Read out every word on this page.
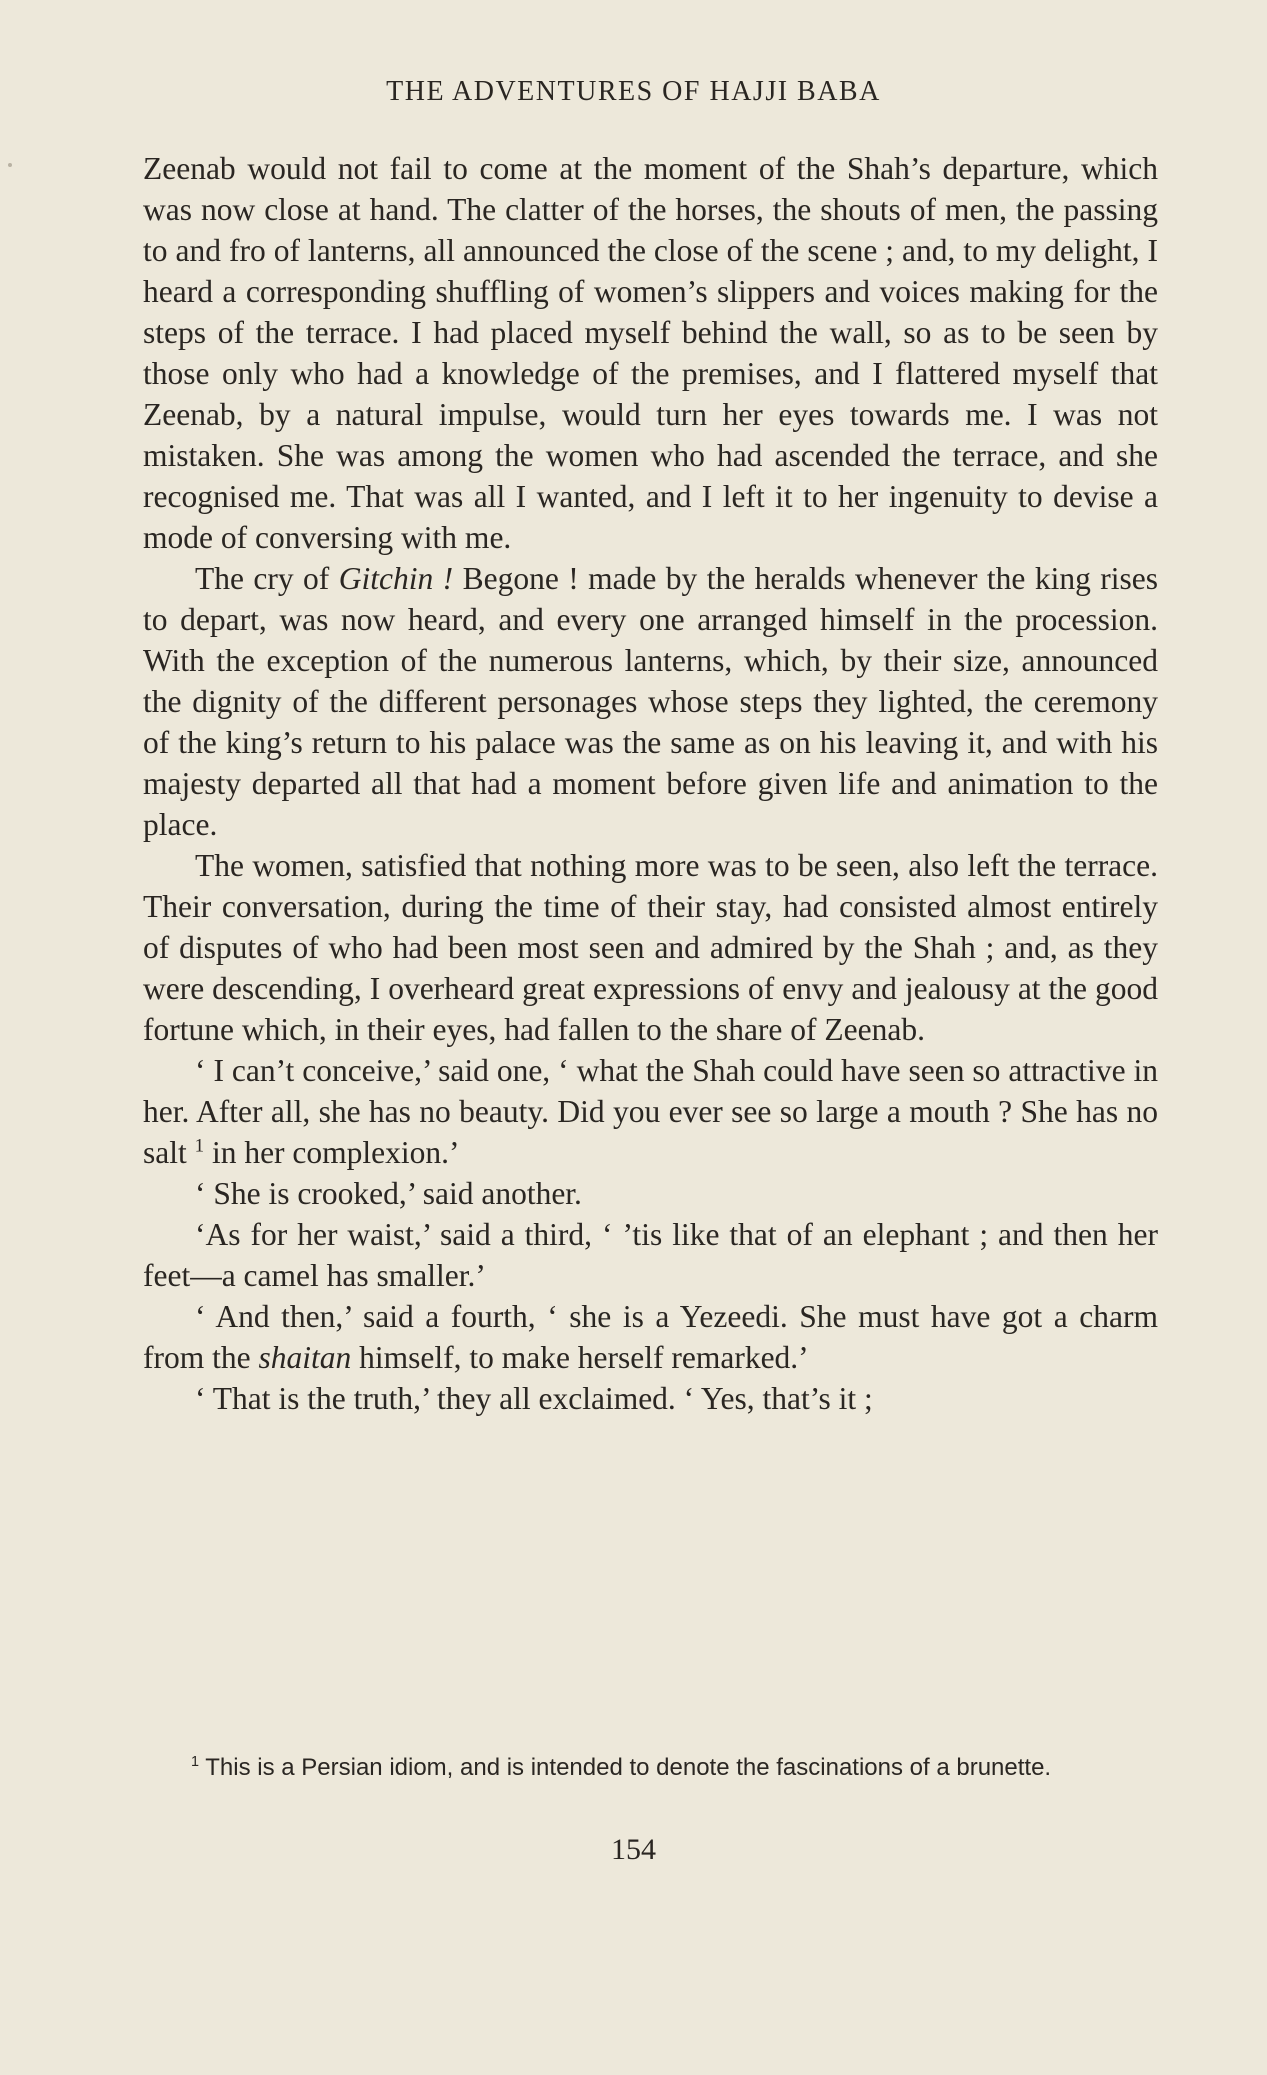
THE ADVENTURES OF HAJJI BABA

Zeenab would not fail to come at the moment of the Shah’s departure, which was now close at hand. The clatter of the horses, the shouts of men, the passing to and fro of lanterns, all announced the close of the scene ; and, to my delight, I heard a corresponding shuffling of women’s slippers and voices making for the steps of the terrace. I had placed myself behind the wall, so as to be seen by those only who had a knowledge of the premises, and I flattered myself that Zeenab, by a natural impulse, would turn her eyes towards me. I was not mistaken. She was among the women who had ascended the terrace, and she recognised me. That was all I wanted, and I left it to her ingenuity to devise a mode of conversing with me.

The cry of Gitchin ! Begone ! made by the heralds whenever the king rises to depart, was now heard, and every one arranged himself in the procession. With the exception of the numerous lanterns, which, by their size, announced the dignity of the different personages whose steps they lighted, the ceremony of the king’s return to his palace was the same as on his leaving it, and with his majesty departed all that had a moment before given life and animation to the place.

The women, satisfied that nothing more was to be seen, also left the terrace. Their conversation, during the time of their stay, had consisted almost entirely of disputes of who had been most seen and admired by the Shah ; and, as they were descending, I overheard great expressions of envy and jealousy at the good fortune which, in their eyes, had fallen to the share of Zeenab.

‘ I can’t conceive,’ said one, ‘ what the Shah could have seen so attractive in her. After all, she has no beauty. Did you ever see so large a mouth ? She has no salt $^1$ in her complexion.’

‘ She is crooked,’ said another.

‘As for her waist,’ said a third, ‘ ’tis like that of an elephant ; and then her feet—a camel has smaller.’

‘ And then,’ said a fourth, ‘ she is a Yezeedi. She must have got a charm from the shaitan himself, to make herself remarked.’

‘ That is the truth,’ they all exclaimed. ‘ Yes, that’s it ;

$^1$ This is a Persian idiom, and is intended to denote the fascinations of a brunette.

154
